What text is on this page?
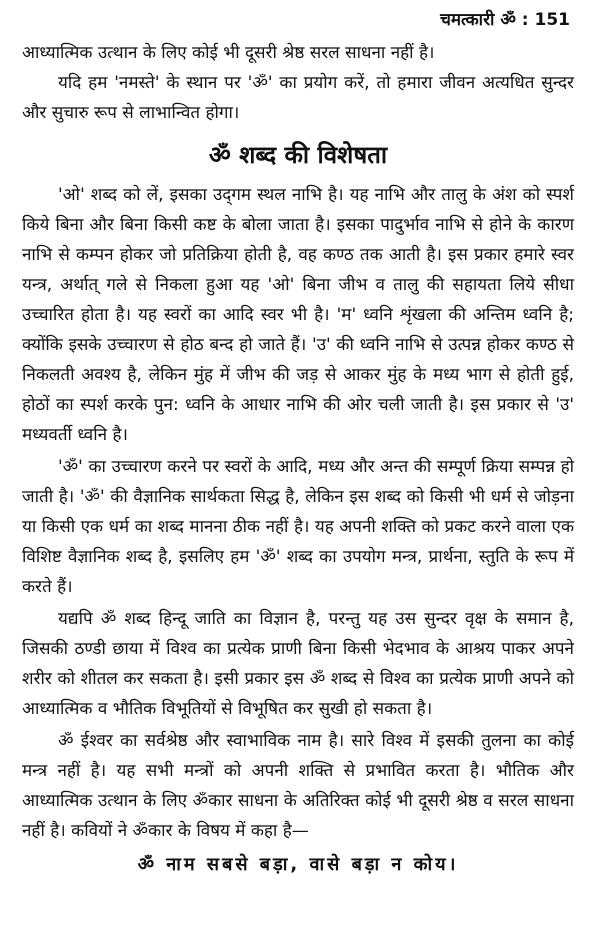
चमत्कारी ॐ : 151

आध्यात्मिक उत्थान के लिए कोई भी दूसरी श्रेष्ठ सरल साधना नहीं है।

यदि हम 'नमस्ते' के स्थान पर 'ॐ' का प्रयोग करें, तो हमारा जीवन अत्यधित सुन्दर और सुचारु रूप से लाभान्वित होगा।

ॐ शब्द की विशेषता

'ओ' शब्द को लें, इसका उद्‌गम स्थल नाभि है। यह नाभि और तालु के अंश को स्पर्श किये बिना और बिना किसी कष्ट के बोला जाता है। इसका पादुर्भाव नाभि से होने के कारण नाभि से कम्पन होकर जो प्रतिक्रिया होती है, वह कण्ठ तक आती है। इस प्रकार हमारे स्वर यन्त्र, अर्थात् गले से निकला हुआ यह 'ओ' बिना जीभ व तालु की सहायता लिये सीधा उच्चारित होता है। यह स्वरों का आदि स्वर भी है। 'म' ध्वनि शृंखला की अन्तिम ध्वनि है; क्योंकि इसके उच्चारण से होठ बन्द हो जाते हैं। 'उ' की ध्वनि नाभि से उत्पन्न होकर कण्ठ से निकलती अवश्य है, लेकिन मुंह में जीभ की जड़ से आकर मुंह के मध्य भाग से होती हुई, होठों का स्पर्श करके पुन: ध्वनि के आधार नाभि की ओर चली जाती है। इस प्रकार से 'उ' मध्यवर्ती ध्वनि है।

'ॐ' का उच्चारण करने पर स्वरों के आदि, मध्य और अन्त की सम्पूर्ण क्रिया सम्पन्न हो जाती है। 'ॐ' की वैज्ञानिक सार्थकता सिद्ध है, लेकिन इस शब्द को किसी भी धर्म से जोड़ना या किसी एक धर्म का शब्द मानना ठीक नहीं है। यह अपनी शक्ति को प्रकट करने वाला एक विशिष्ट वैज्ञानिक शब्द है, इसलिए हम 'ॐ' शब्द का उपयोग मन्त्र, प्रार्थना, स्तुति के रूप में करते हैं।

यद्यपि ॐ शब्द हिन्दू जाति का विज्ञान है, परन्तु यह उस सुन्दर वृक्ष के समान है, जिसकी ठण्डी छाया में विश्व का प्रत्येक प्राणी बिना किसी भेदभाव के आश्रय पाकर अपने शरीर को शीतल कर सकता है। इसी प्रकार इस ॐ शब्द से विश्व का प्रत्येक प्राणी अपने को आध्यात्मिक व भौतिक विभूतियों से विभूषित कर सुखी हो सकता है।

ॐ ईश्वर का सर्वश्रेष्ठ और स्वाभाविक नाम है। सारे विश्व में इसकी तुलना का कोई मन्त्र नहीं है। यह सभी मन्त्रों को अपनी शक्ति से प्रभावित करता है। भौतिक और आध्यात्मिक उत्थान के लिए ॐकार साधना के अतिरिक्त कोई भी दूसरी श्रेष्ठ व सरल साधना नहीं है। कवियों ने ॐकार के विषय में कहा है—

ॐ नाम सबसे बड़ा, वासे बड़ा न कोय।
